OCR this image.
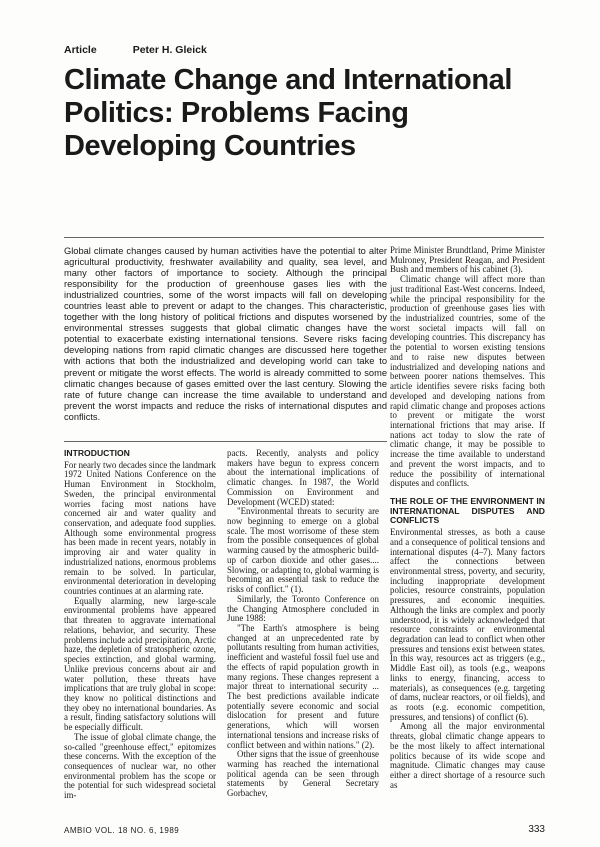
Article	Peter H. Gleick
Climate Change and International Politics: Problems Facing Developing Countries
Global climate changes caused by human activities have the potential to alter agricultural productivity, freshwater availability and quality, sea level, and many other factors of importance to society. Although the principal responsibility for the production of greenhouse gases lies with the industrialized countries, some of the worst impacts will fall on developing countries least able to prevent or adapt to the changes. This characteristic, together with the long history of political frictions and disputes worsened by environmental stresses suggests that global climatic changes have the potential to exacerbate existing international tensions. Severe risks facing developing nations from rapid climatic changes are discussed here together with actions that both the industrialized and developing world can take to prevent or mitigate the worst effects. The world is already committed to some climatic changes because of gases emitted over the last century. Slowing the rate of future change can increase the time available to understand and prevent the worst impacts and reduce the risks of international disputes and conflicts.
INTRODUCTION

For nearly two decades since the landmark 1972 United Nations Conference on the Human Environment in Stockholm, Sweden, the principal environmental worries facing most nations have concerned air and water quality and conservation, and adequate food supplies. Although some environmental progress has been made in recent years, notably in improving air and water quality in industrialized nations, enormous problems remain to be solved. In particular, environmental deterioration in developing countries continues at an alarming rate.

Equally alarming, new large-scale environmental problems have appeared that threaten to aggravate international relations, behavior, and security. These problems include acid precipitation, Arctic haze, the depletion of stratospheric ozone, species extinction, and global warming. Unlike previous concerns about air and water pollution, these threats have implications that are truly global in scope: they know no political distinctions and they obey no international boundaries. As a result, finding satisfactory solutions will be especially difficult.

The issue of global climate change, the so-called "greenhouse effect," epitomizes these concerns. With the exception of the consequences of nuclear war, no other environmental problem has the scope or the potential for such widespread societal im-

pacts. Recently, analysts and policy makers have begun to express concern about the international implications of climatic changes. In 1987, the World Commission on Environment and Development (WCED) stated:

"Environmental threats to security are now beginning to emerge on a global scale. The most worrisome of these stem from the possible consequences of global warming caused by the atmospheric build-up of carbon dioxide and other gases.... Slowing, or adapting to, global warming is becoming an essential task to reduce the risks of conflict." (1).

Similarly, the Toronto Conference on the Changing Atmosphere concluded in June 1988:

"The Earth's atmosphere is being changed at an unprecedented rate by pollutants resulting from human activities, inefficient and wasteful fossil fuel use and the effects of rapid population growth in many regions. These changes represent a major threat to international security ... The best predictions available indicate potentially severe economic and social dislocation for present and future generations, which will worsen international tensions and increase risks of conflict between and within nations." (2).

Other signs that the issue of greenhouse warming has reached the international political agenda can be seen through statements by General Secretary Gorbachev,

Prime Minister Brundtland, Prime Minister Mulroney, President Reagan, and President Bush and members of his cabinet (3).

Climatic change will affect more than just traditional East-West concerns. Indeed, while the principal responsibility for the production of greenhouse gases lies with the industrialized countries, some of the worst societal impacts will fall on developing countries. This discrepancy has the potential to worsen existing tensions and to raise new disputes between industrialized and developing nations and between poorer nations themselves. This article identifies severe risks facing both developed and developing nations from rapid climatic change and proposes actions to prevent or mitigate the worst international frictions that may arise. If nations act today to slow the rate of climatic change, it may be possible to increase the time available to understand and prevent the worst impacts, and to reduce the possibility of international disputes and conflicts.

THE ROLE OF THE ENVIRONMENT IN INTERNATIONAL DISPUTES AND CONFLICTS

Environmental stresses, as both a cause and a consequence of political tensions and international disputes (4–7). Many factors affect the connections between environmental stress, poverty, and security, including inappropriate development policies, resource constraints, population pressures, and economic inequities. Although the links are complex and poorly understood, it is widely acknowledged that resource constraints or environmental degradation can lead to conflict when other pressures and tensions exist between states. In this way, resources act as triggers (e.g., Middle East oil), as tools (e.g., weapons links to energy, financing, access to materials), as consequences (e.g. targeting of dams, nuclear reactors, or oil fields), and as roots (e.g. economic competition, pressures, and tensions) of conflict (6).

Among all the major environmental threats, global climatic change appears to be the most likely to affect international politics because of its wide scope and magnitude. Climatic changes may cause either a direct shortage of a resource such as

AMBIO VOL. 18 NO. 6, 1989	333
